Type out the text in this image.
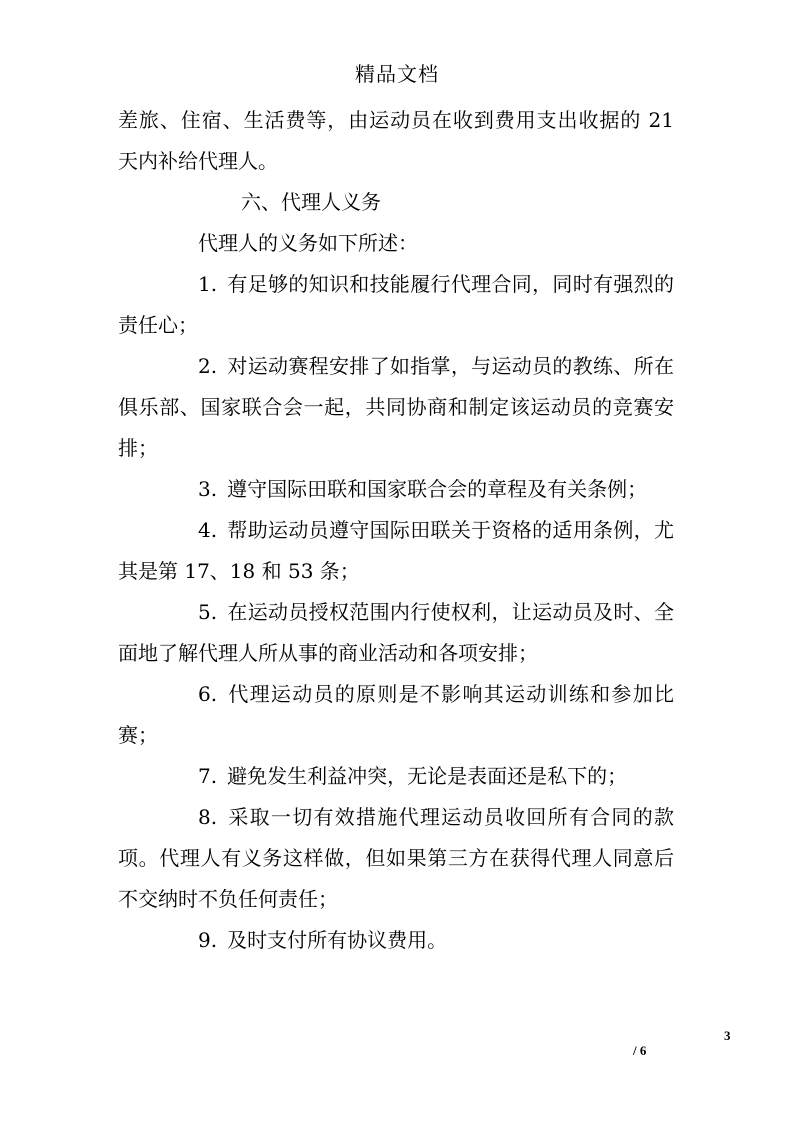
精品文档

差旅、住宿、生活费等，由运动员在收到费用支出收据的 21 天内补给代理人。

六、代理人义务

代理人的义务如下所述：

1. 有足够的知识和技能履行代理合同，同时有强烈的责任心；

2. 对运动赛程安排了如指掌，与运动员的教练、所在俱乐部、国家联合会一起，共同协商和制定该运动员的竞赛安排；

3. 遵守国际田联和国家联合会的章程及有关条例；

4. 帮助运动员遵守国际田联关于资格的适用条例，尤其是第 17、18 和 53 条；

5. 在运动员授权范围内行使权利，让运动员及时、全面地了解代理人所从事的商业活动和各项安排；

6. 代理运动员的原则是不影响其运动训练和参加比赛；

7. 避免发生利益冲突，无论是表面还是私下的；

8. 采取一切有效措施代理运动员收回所有合同的款项。代理人有义务这样做，但如果第三方在获得代理人同意后不交纳时不负任何责任；

9. 及时支付所有协议费用。

3
/ 6
